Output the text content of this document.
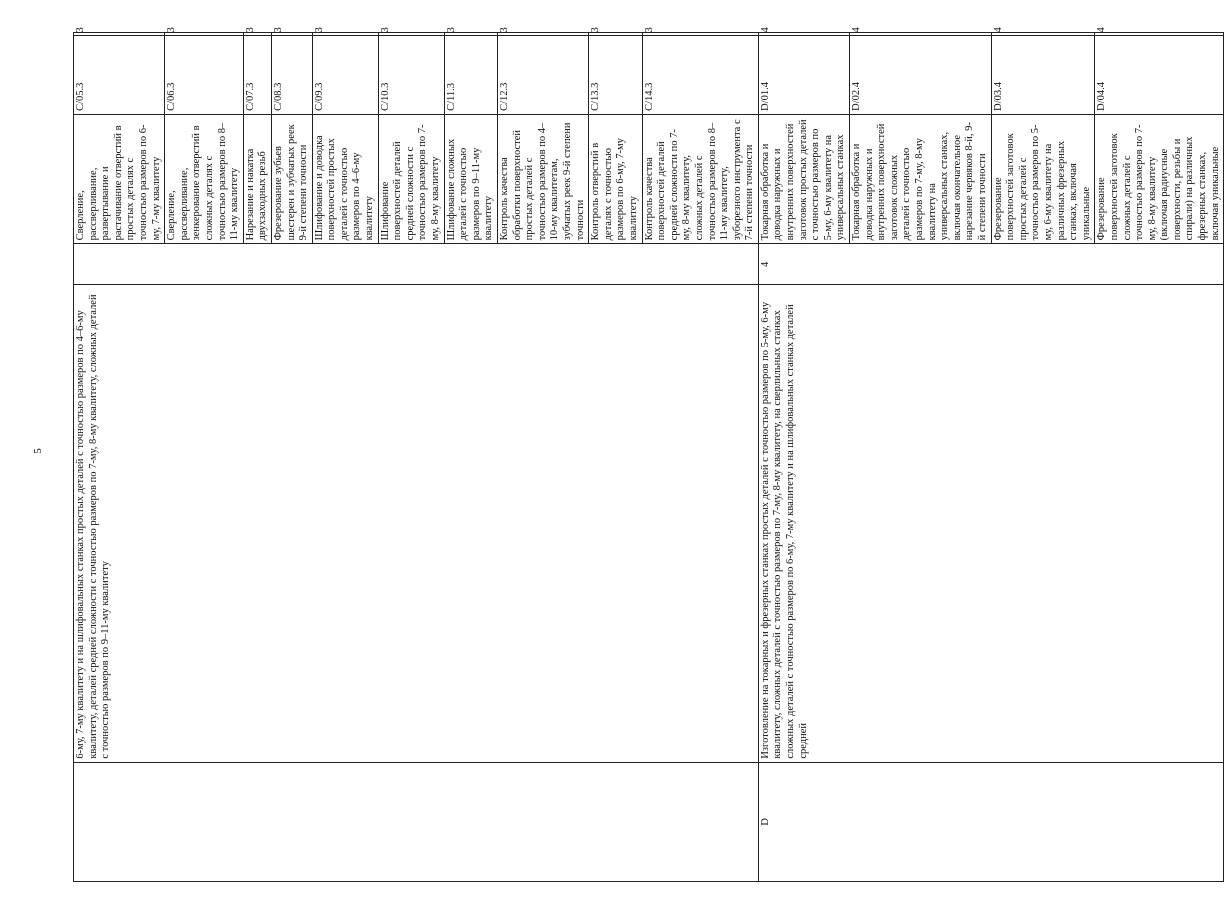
5
		6-му, 7-му квалитету и на шлифовальных станках простых деталей с точностью размеров по 4–6-му квалитету, деталей средней сложности с точностью размеров по 7-му, 8-му квалитету, сложных деталей с точностью размеров по 9–11-му квалитету		Сверление, рассверливание, развертывание и растачивание отверстий в простых деталях с точностью размеров по 6-му, 7-му квалитету	C/05.3	3
			Сверление, рассверливание, зенкерование отверстий в сложных деталях с точностью размеров по 8–11-му квалитету	C/06.3	3
			Нарезание и накатка двухзаходных резьб	C/07.3	3
			Фрезерование зубьев шестерен и зубчатых реек 9-й степени точности	C/08.3	3
			Шлифование и доводка поверхностей простых деталей с точностью размеров по 4–6-му квалитету	C/09.3	3
			Шлифование поверхностей деталей средней сложности с точностью размеров по 7-му, 8-му квалитету	C/10.3	3
			Шлифование сложных деталей с точностью размеров по 9–11-му квалитету	C/11.3	3
			Контроль качества обработки поверхностей простых деталей с точностью размеров по 4–10-му квалитетам, зубчатых реек 9-й степени точности	C/12.3	3
			Контроль отверстий в деталях с точностью размеров по 6-му, 7-му квалитету	C/13.3	3
			Контроль качества поверхностей деталей средней сложности по 7-му, 8-му квалитету, сложных деталей с точностью размеров по 8–11-му квалитету, зуборезного инструмента с 7-й степени точности	C/14.3	3
D	Изготовление на токарных и фрезерных станках простых деталей с точностью размеров по 5-му, 6-му квалитету, сложных деталей с точностью размеров по 7-му, 8-му квалитету, на сверлильных станках сложных деталей с точностью размеров по 6-му, 7-му квалитету и на шлифовальных станках деталей средней	4	Токарная обработка и доводка наружных и внутренних поверхностей заготовок простых деталей с точностью размеров по 5-му, 6-му квалитету на универсальных станках	D/01.4	4
			Токарная обработка и доводка наружных и внутренних поверхностей заготовок сложных деталей с точностью размеров по 7-му, 8-му квалитету на универсальных станках, включая окончательное нарезание червяков 8-й, 9-й степени точности	D/02.4	4
			Фрезерование поверхностей заготовок простых деталей с точностью размеров по 5-му, 6-му квалитету на различных фрезерных станках, включая уникальные	D/03.4	4
			Фрезерование поверхностей заготовок сложных деталей с точностью размеров по 7-му, 8-му квалитету (включая радиусные поверхности, резьбы и спирали) на различных фрезерных станках, включая уникальные	D/04.4	4
